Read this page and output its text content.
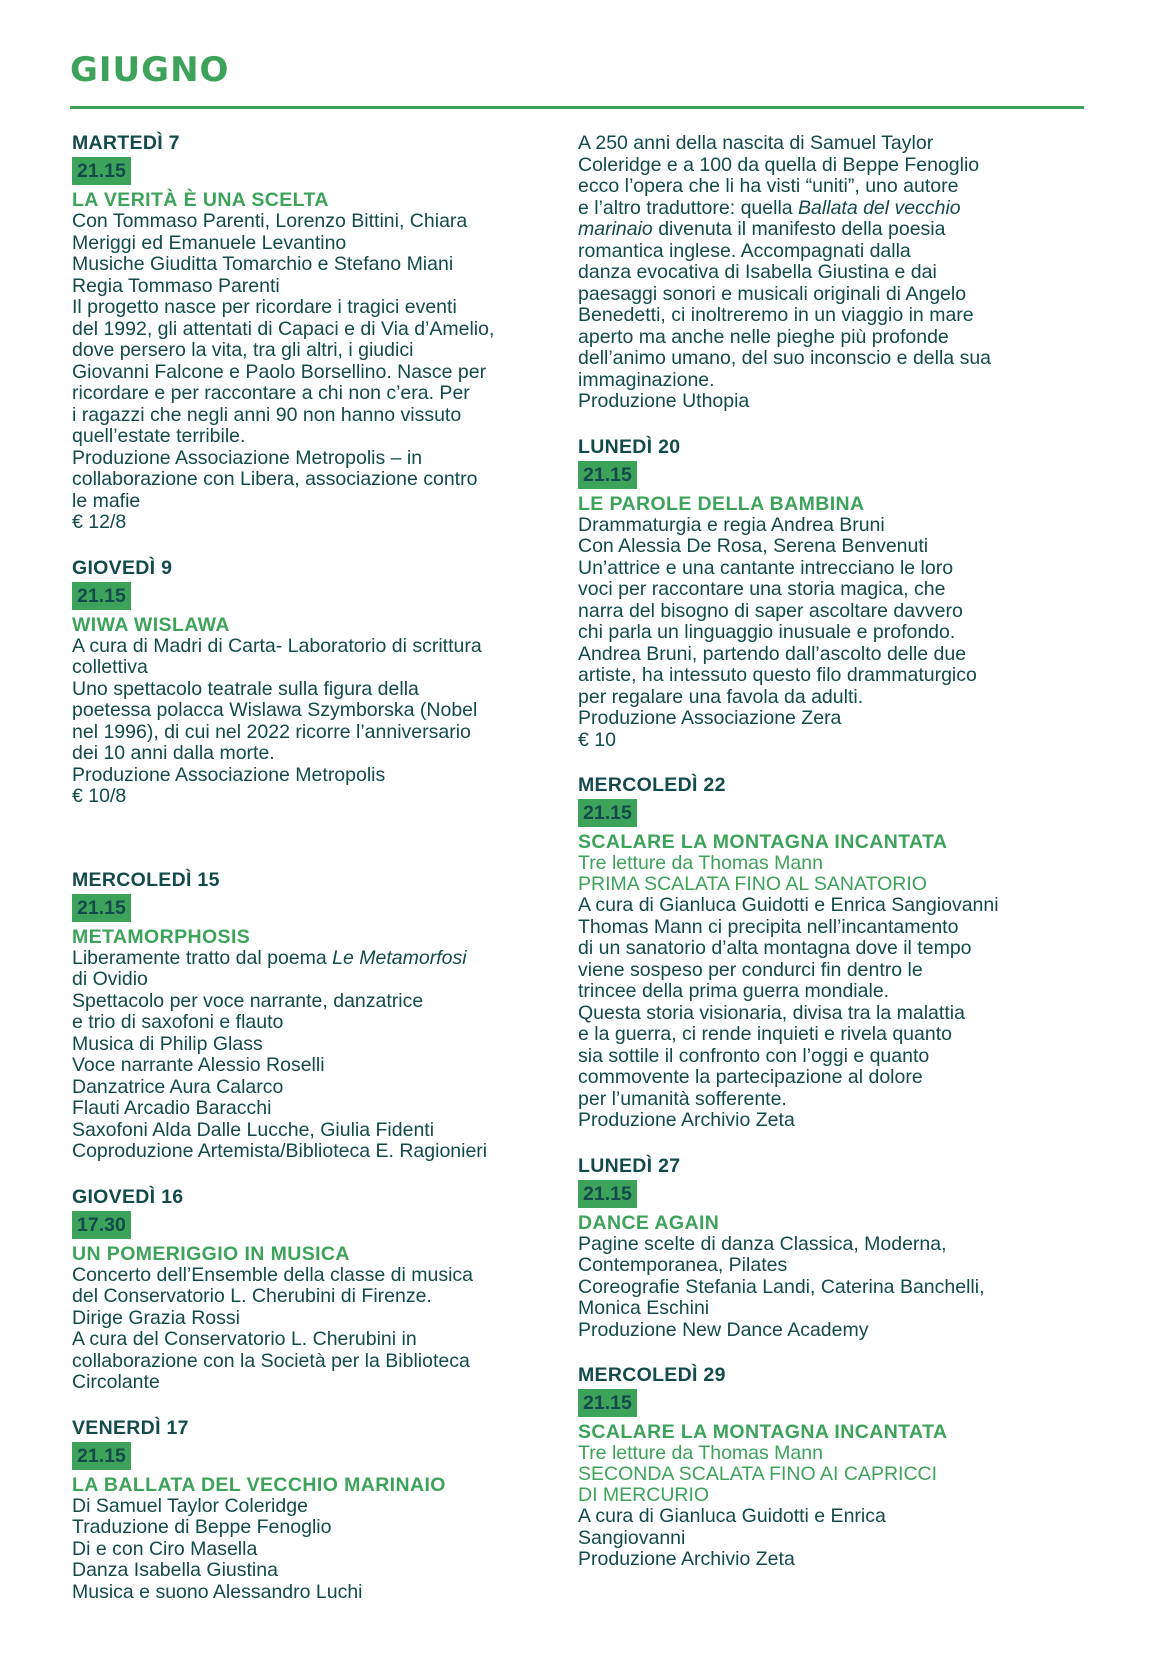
GIUGNO
MARTEDÌ 7
21.15
LA VERITÀ È UNA SCELTA
Con Tommaso Parenti, Lorenzo Bittini, Chiara
Meriggi ed Emanuele Levantino
Musiche Giuditta Tomarchio e Stefano Miani
Regia Tommaso Parenti
Il progetto nasce per ricordare i tragici eventi
del 1992, gli attentati di Capaci e di Via d’Amelio,
dove persero la vita, tra gli altri, i giudici
Giovanni Falcone e Paolo Borsellino. Nasce per
ricordare e per raccontare a chi non c’era. Per
i ragazzi che negli anni 90 non hanno vissuto
quell’estate terribile.
Produzione Associazione Metropolis – in
collaborazione con Libera, associazione contro
le mafie
€ 12/8
GIOVEDÌ 9
21.15
WIWA WISLAWA
A cura di Madri di Carta- Laboratorio di scrittura
collettiva
Uno spettacolo teatrale sulla figura della
poetessa polacca Wislawa Szymborska (Nobel
nel 1996), di cui nel 2022 ricorre l’anniversario
dei 10 anni dalla morte.
Produzione Associazione Metropolis
€ 10/8
MERCOLEDÌ 15
21.15
METAMORPHOSIS
Liberamente tratto dal poema Le Metamorfosi
di Ovidio
Spettacolo per voce narrante, danzatrice
e trio di saxofoni e flauto
Musica di Philip Glass
Voce narrante Alessio Roselli
Danzatrice Aura Calarco
Flauti Arcadio Baracchi
Saxofoni Alda Dalle Lucche, Giulia Fidenti
Coproduzione Artemista/Biblioteca E. Ragionieri
GIOVEDÌ 16
17.30
UN POMERIGGIO IN MUSICA
Concerto dell’Ensemble della classe di musica
del Conservatorio L. Cherubini di Firenze.
Dirige Grazia Rossi
A cura del Conservatorio L. Cherubini in
collaborazione con la Società per la Biblioteca
Circolante
VENERDÌ 17
21.15
LA BALLATA DEL VECCHIO MARINAIO
Di Samuel Taylor Coleridge
Traduzione di Beppe Fenoglio
Di e con Ciro Masella
Danza Isabella Giustina
Musica e suono Alessandro Luchi
A 250 anni della nascita di Samuel Taylor
Coleridge e a 100 da quella di Beppe Fenoglio
ecco l’opera che li ha visti “uniti”, uno autore
e l’altro traduttore: quella Ballata del vecchio
marinaio divenuta il manifesto della poesia
romantica inglese. Accompagnati dalla
danza evocativa di Isabella Giustina e dai
paesaggi sonori e musicali originali di Angelo
Benedetti, ci inoltreremo in un viaggio in mare
aperto ma anche nelle pieghe più profonde
dell’animo umano, del suo inconscio e della sua
immaginazione.
Produzione Uthopia
LUNEDÌ 20
21.15
LE PAROLE DELLA BAMBINA
Drammaturgia e regia Andrea Bruni
Con Alessia De Rosa, Serena Benvenuti
Un’attrice e una cantante intrecciano le loro
voci per raccontare una storia magica, che
narra del bisogno di saper ascoltare davvero
chi parla un linguaggio inusuale e profondo.
Andrea Bruni, partendo dall’ascolto delle due
artiste, ha intessuto questo filo drammaturgico
per regalare una favola da adulti.
Produzione Associazione Zera
€ 10
MERCOLEDÌ 22
21.15
SCALARE LA MONTAGNA INCANTATA
Tre letture da Thomas Mann
PRIMA SCALATA FINO AL SANATORIO
A cura di Gianluca Guidotti e Enrica Sangiovanni
Thomas Mann ci precipita nell’incantamento
di un sanatorio d’alta montagna dove il tempo
viene sospeso per condurci fin dentro le
trincee della prima guerra mondiale.
Questa storia visionaria, divisa tra la malattia
e la guerra, ci rende inquieti e rivela quanto
sia sottile il confronto con l’oggi e quanto
commovente la partecipazione al dolore
per l’umanità sofferente.
Produzione Archivio Zeta
LUNEDÌ 27
21.15
DANCE AGAIN
Pagine scelte di danza Classica, Moderna,
Contemporanea, Pilates
Coreografie Stefania Landi, Caterina Banchelli,
Monica Eschini
Produzione New Dance Academy
MERCOLEDÌ 29
21.15
SCALARE LA MONTAGNA INCANTATA
Tre letture da Thomas Mann
SECONDA SCALATA FINO AI CAPRICCI
DI MERCURIO
A cura di Gianluca Guidotti e Enrica
Sangiovanni
Produzione Archivio Zeta
